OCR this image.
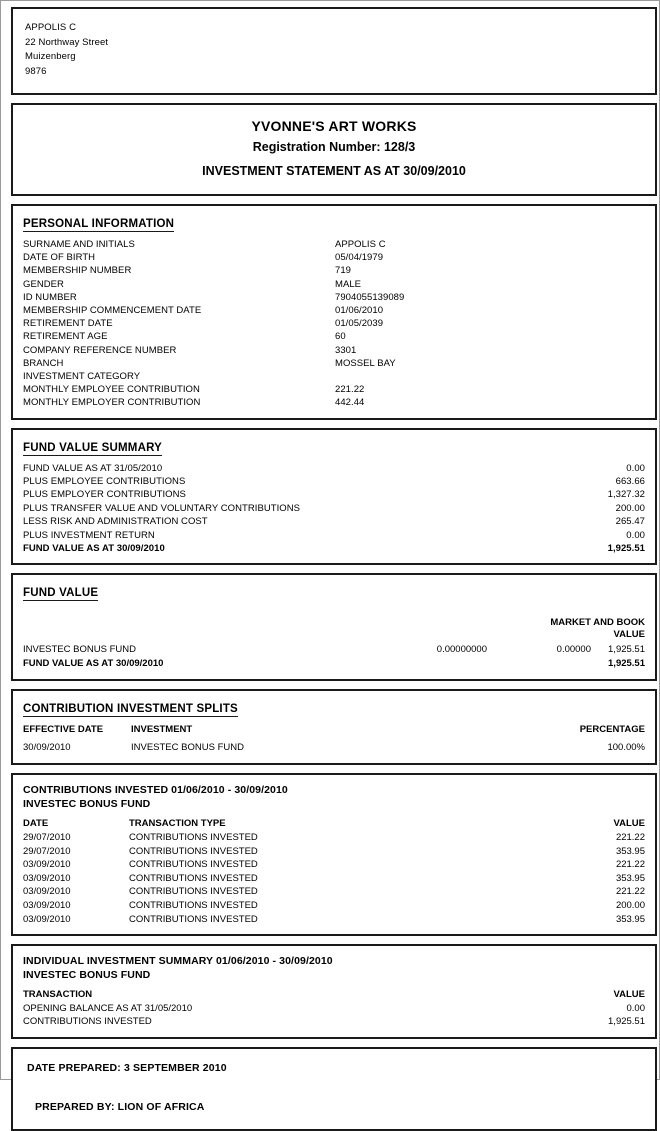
APPOLIS C
22 Northway Street
Muizenberg
9876
YVONNE'S ART WORKS
Registration Number: 128/3
INVESTMENT STATEMENT AS AT 30/09/2010
PERSONAL INFORMATION
SURNAME AND INITIALS	APPOLIS C
DATE OF BIRTH	05/04/1979
MEMBERSHIP NUMBER	719
GENDER	MALE
ID NUMBER	7904055139089
MEMBERSHIP COMMENCEMENT DATE	01/06/2010
RETIREMENT DATE	01/05/2039
RETIREMENT AGE	60
COMPANY REFERENCE NUMBER	3301
BRANCH	MOSSEL BAY
INVESTMENT CATEGORY
MONTHLY EMPLOYEE CONTRIBUTION	221.22
MONTHLY EMPLOYER CONTRIBUTION	442.44
FUND VALUE SUMMARY
FUND VALUE AS AT 31/05/2010	0.00
PLUS EMPLOYEE CONTRIBUTIONS	663.66
PLUS EMPLOYER CONTRIBUTIONS	1,327.32
PLUS TRANSFER VALUE AND VOLUNTARY CONTRIBUTIONS	200.00
LESS RISK AND ADMINISTRATION COST	265.47
PLUS INVESTMENT RETURN	0.00
FUND VALUE AS AT 30/09/2010	1,925.51
FUND VALUE
MARKET AND BOOK
VALUE
INVESTEC BONUS FUND	0.00000000	0.00000	1,925.51
FUND VALUE AS AT 30/09/2010	1,925.51
CONTRIBUTION INVESTMENT SPLITS
EFFECTIVE DATE	INVESTMENT	PERCENTAGE
30/09/2010	INVESTEC BONUS FUND	100.00%
CONTRIBUTIONS INVESTED 01/06/2010 - 30/09/2010
INVESTEC BONUS FUND
DATE	TRANSACTION TYPE	VALUE
29/07/2010	CONTRIBUTIONS INVESTED	221.22
29/07/2010	CONTRIBUTIONS INVESTED	353.95
03/09/2010	CONTRIBUTIONS INVESTED	221.22
03/09/2010	CONTRIBUTIONS INVESTED	353.95
03/09/2010	CONTRIBUTIONS INVESTED	221.22
03/09/2010	CONTRIBUTIONS INVESTED	200.00
03/09/2010	CONTRIBUTIONS INVESTED	353.95
INDIVIDUAL INVESTMENT SUMMARY 01/06/2010 - 30/09/2010
INVESTEC BONUS FUND
TRANSACTION	VALUE
OPENING BALANCE AS AT 31/05/2010	0.00
CONTRIBUTIONS INVESTED	1,925.51
DATE PREPARED: 3 SEPTEMBER 2010
PREPARED BY: LION OF AFRICA
